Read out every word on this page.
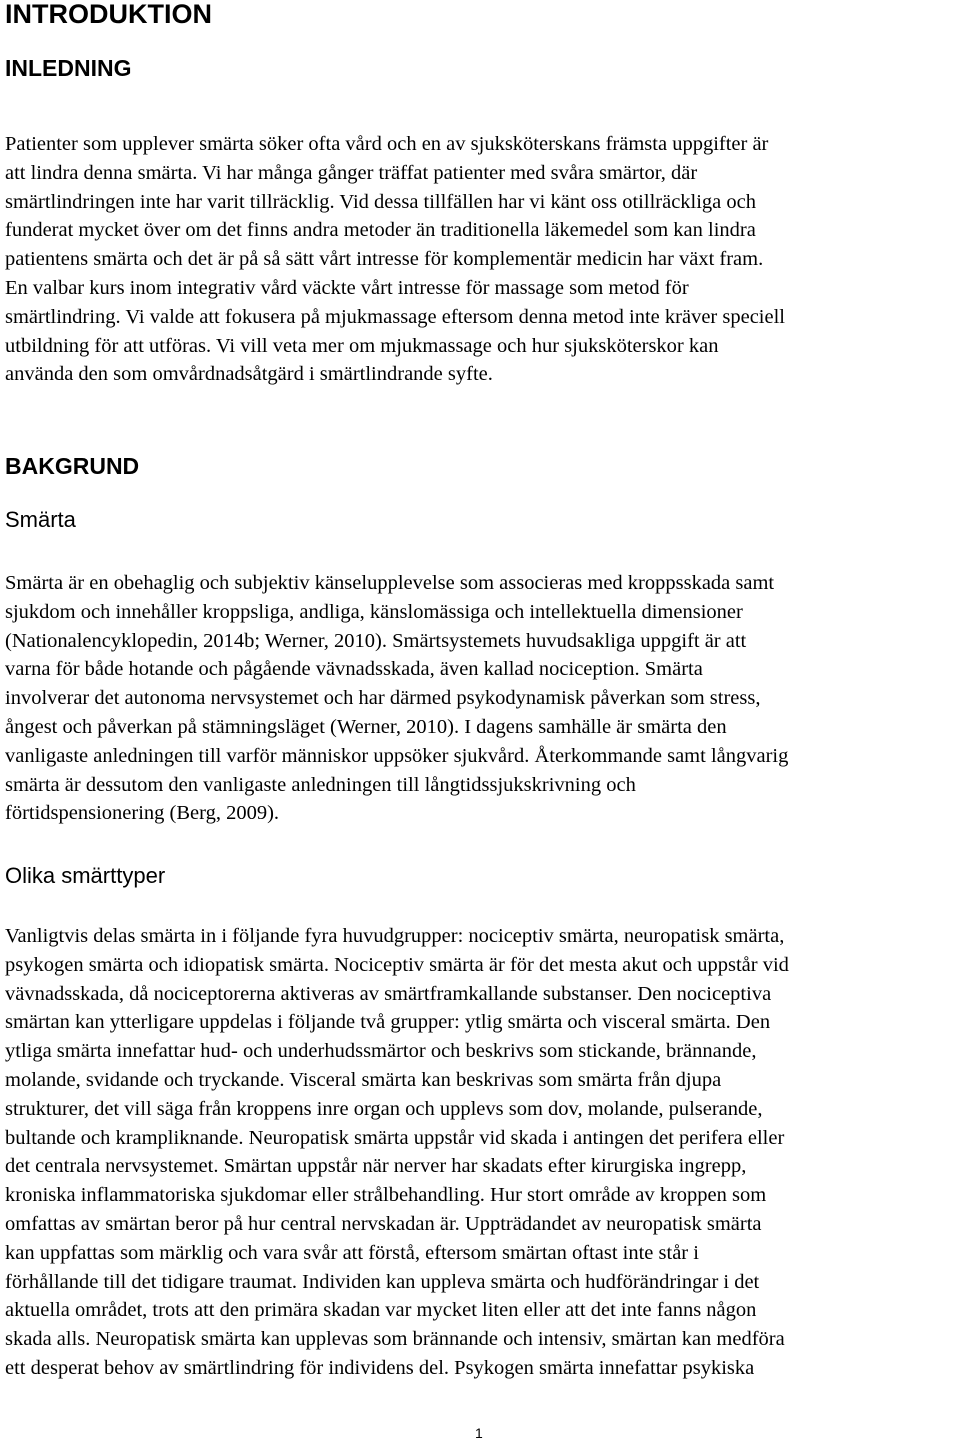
INTRODUKTION
INLEDNING
Patienter som upplever smärta söker ofta vård och en av sjuksköterskans främsta uppgifter är
att lindra denna smärta. Vi har många gånger träffat patienter med svåra smärtor, där
smärtlindringen inte har varit tillräcklig. Vid dessa tillfällen har vi känt oss otillräckliga och
funderat mycket över om det finns andra metoder än traditionella läkemedel som kan lindra
patientens smärta och det är på så sätt vårt intresse för komplementär medicin har växt fram.
En valbar kurs inom integrativ vård väckte vårt intresse för massage som metod för
smärtlindring. Vi valde att fokusera på mjukmassage eftersom denna metod inte kräver speciell
utbildning för att utföras. Vi vill veta mer om mjukmassage och hur sjuksköterskor kan
använda den som omvårdnadsåtgärd i smärtlindrande syfte.
BAKGRUND
Smärta
Smärta är en obehaglig och subjektiv känselupplevelse som associeras med kroppsskada samt
sjukdom och innehåller kroppsliga, andliga, känslomässiga och intellektuella dimensioner
(Nationalencyklopedin, 2014b; Werner, 2010). Smärtsystemets huvudsakliga uppgift är att
varna för både hotande och pågående vävnadsskada, även kallad nociception. Smärta
involverar det autonoma nervsystemet och har därmed psykodynamisk påverkan som stress,
ångest och påverkan på stämningsläget (Werner, 2010). I dagens samhälle är smärta den
vanligaste anledningen till varför människor uppsöker sjukvård. Återkommande samt långvarig
smärta är dessutom den vanligaste anledningen till långtidssjukskrivning och
förtidspensionering (Berg, 2009).
Olika smärttyper
Vanligtvis delas smärta in i följande fyra huvudgrupper: nociceptiv smärta, neuropatisk smärta,
psykogen smärta och idiopatisk smärta. Nociceptiv smärta är för det mesta akut och uppstår vid
vävnadsskada, då nociceptorerna aktiveras av smärtframkallande substanser. Den nociceptiva
smärtan kan ytterligare uppdelas i följande två grupper: ytlig smärta och visceral smärta. Den
ytliga smärta innefattar hud- och underhudssmärtor och beskrivs som stickande, brännande,
molande, svidande och tryckande. Visceral smärta kan beskrivas som smärta från djupa
strukturer, det vill säga från kroppens inre organ och upplevs som dov, molande, pulserande,
bultande och krampliknande. Neuropatisk smärta uppstår vid skada i antingen det perifera eller
det centrala nervsystemet. Smärtan uppstår när nerver har skadats efter kirurgiska ingrepp,
kroniska inflammatoriska sjukdomar eller strålbehandling. Hur stort område av kroppen som
omfattas av smärtan beror på hur central nervskadan är. Uppträdandet av neuropatisk smärta
kan uppfattas som märklig och vara svår att förstå, eftersom smärtan oftast inte står i
förhållande till det tidigare traumat. Individen kan uppleva smärta och hudförändringar i det
aktuella området, trots att den primära skadan var mycket liten eller att det inte fanns någon
skada alls. Neuropatisk smärta kan upplevas som brännande och intensiv, smärtan kan medföra
ett desperat behov av smärtlindring för individens del. Psykogen smärta innefattar psykiska
1
